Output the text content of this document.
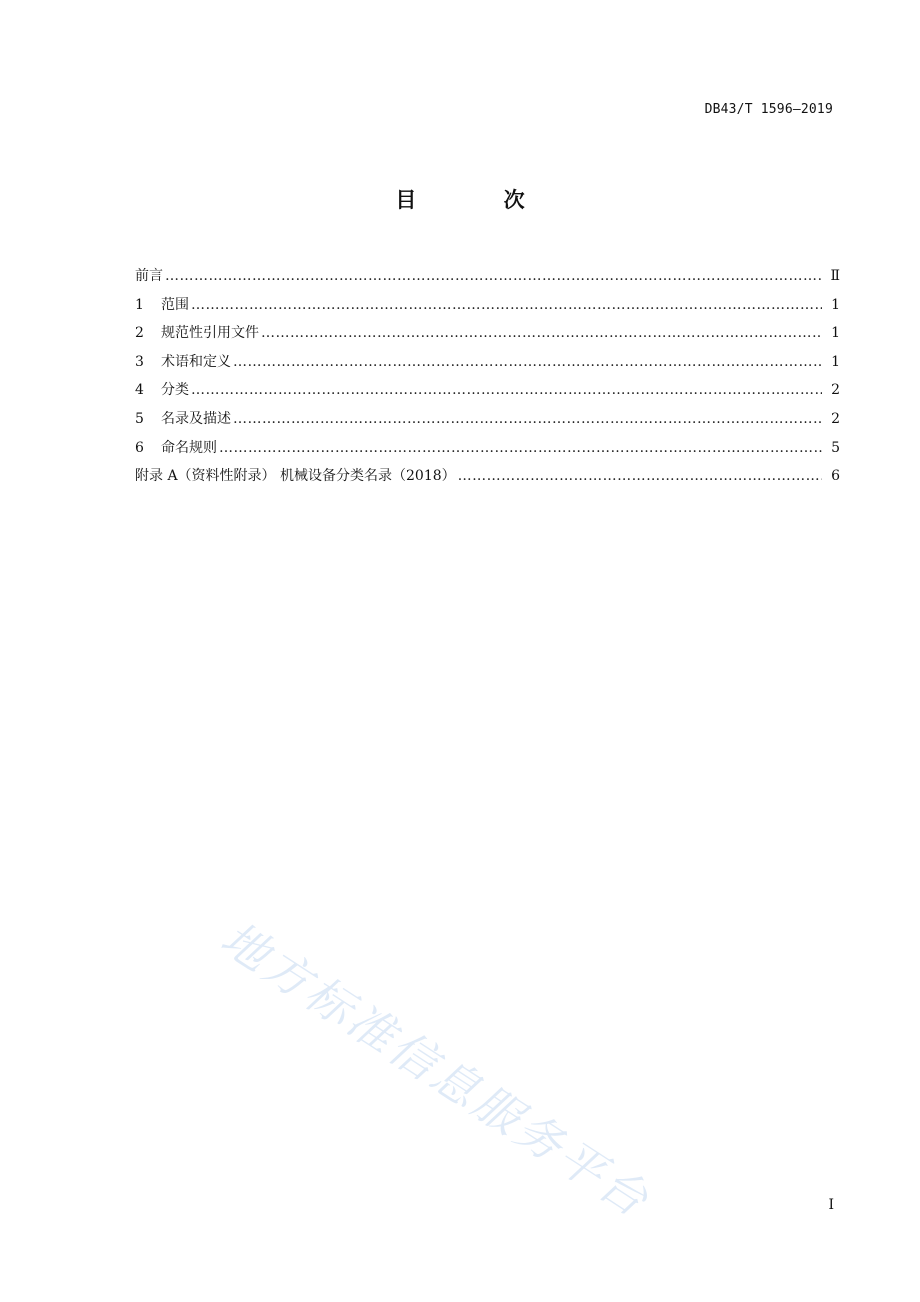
DB43/T 1596—2019
目 次
前言 …………………………………………………………………………………………………………………………………………………………………………………………………………	Ⅱ
1	范围 …………………………………………………………………………………………………………………………………………………………………………………………………………	1
2	规范性引用文件 …………………………………………………………………………………………………………………………………………………………………………………………………………	1
3	术语和定义 …………………………………………………………………………………………………………………………………………………………………………………………………………	1
4	分类 …………………………………………………………………………………………………………………………………………………………………………………………………………	2
5	名录及描述 …………………………………………………………………………………………………………………………………………………………………………………………………………	2
6	命名规则 …………………………………………………………………………………………………………………………………………………………………………………………………………	5
附录 A（资料性附录） 机械设备分类名录（2018） …………………………………………………………………………………………………………………………………………………………………………………………………………	6
地方标准信息服务平台	I
